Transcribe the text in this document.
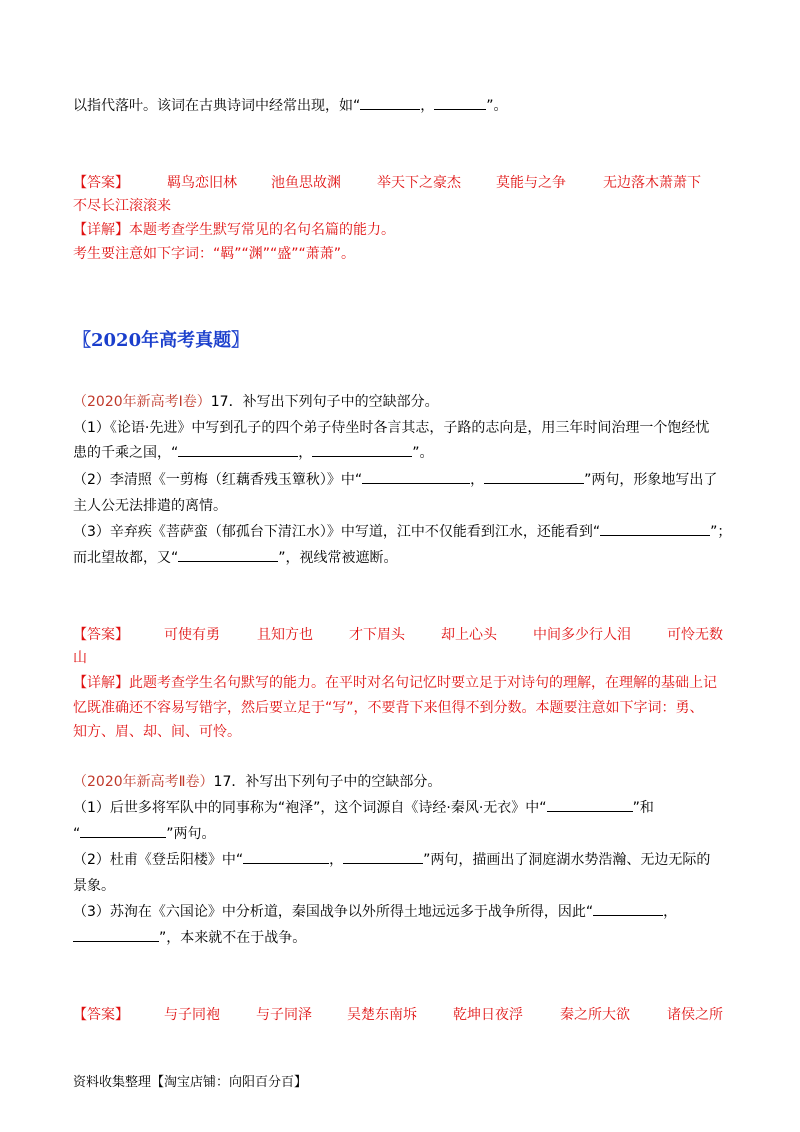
以指代落叶。该词在古典诗词中经常出现，如“	，	”。
【答案】	羁鸟恋旧林 池鱼思故渊	举天下之豪杰	莫能与之争	无边落木萧萧下
不尽长江滚滚来
【详解】本题考查学生默写常见的名句名篇的能力。
考生要注意如下字词：“羁”“渊”“盛”“萧萧”。
〖2020年高考真题〗
（2020年新高考Ⅰ卷）17．补写出下列句子中的空缺部分。
（1）《论语·先进》中写到孔子的四个弟子侍坐时各言其志，子路的志向是，用三年时间治理一个饱经忧
患的千乘之国，“	，	”。
（2）李清照《一剪梅（红藕香残玉簟秋）》中“	，	”两句，形象地写出了
主人公无法排遣的离情。
（3）辛弃疾《菩萨蛮（郁孤台下清江水）》中写道，江中不仅能看到江水，还能看到“	”；
而北望故都，又“	”，视线常被遮断。
【答案】	可使有勇	且知方也	才下眉头	却上心头	中间多少行人泪	可怜无数
山
【详解】此题考查学生名句默写的能力。在平时对名句记忆时要立足于对诗句的理解，在理解的基础上记
忆既准确还不容易写错字，然后要立足于“写”，不要背下来但得不到分数。本题要注意如下字词：勇、
知方、眉、却、间、可怜。
（2020年新高考Ⅱ卷）17．补写出下列句子中的空缺部分。
（1）后世多将军队中的同事称为“袍泽”，这个词源自《诗经·秦风·无衣》中“	”和
“	”两句。
（2）杜甫《登岳阳楼》中“	，	”两句，描画出了洞庭湖水势浩瀚、无边无际的
景象。
（3）苏洵在《六国论》中分析道，秦国战争以外所得土地远远多于战争所得，因此“	，
”，本来就不在于战争。
【答案】	与子同袍	与子同泽	吴楚东南坼	乾坤日夜浮	秦之所大欲	诸侯之所
资料收集整理【淘宝店铺：向阳百分百】
